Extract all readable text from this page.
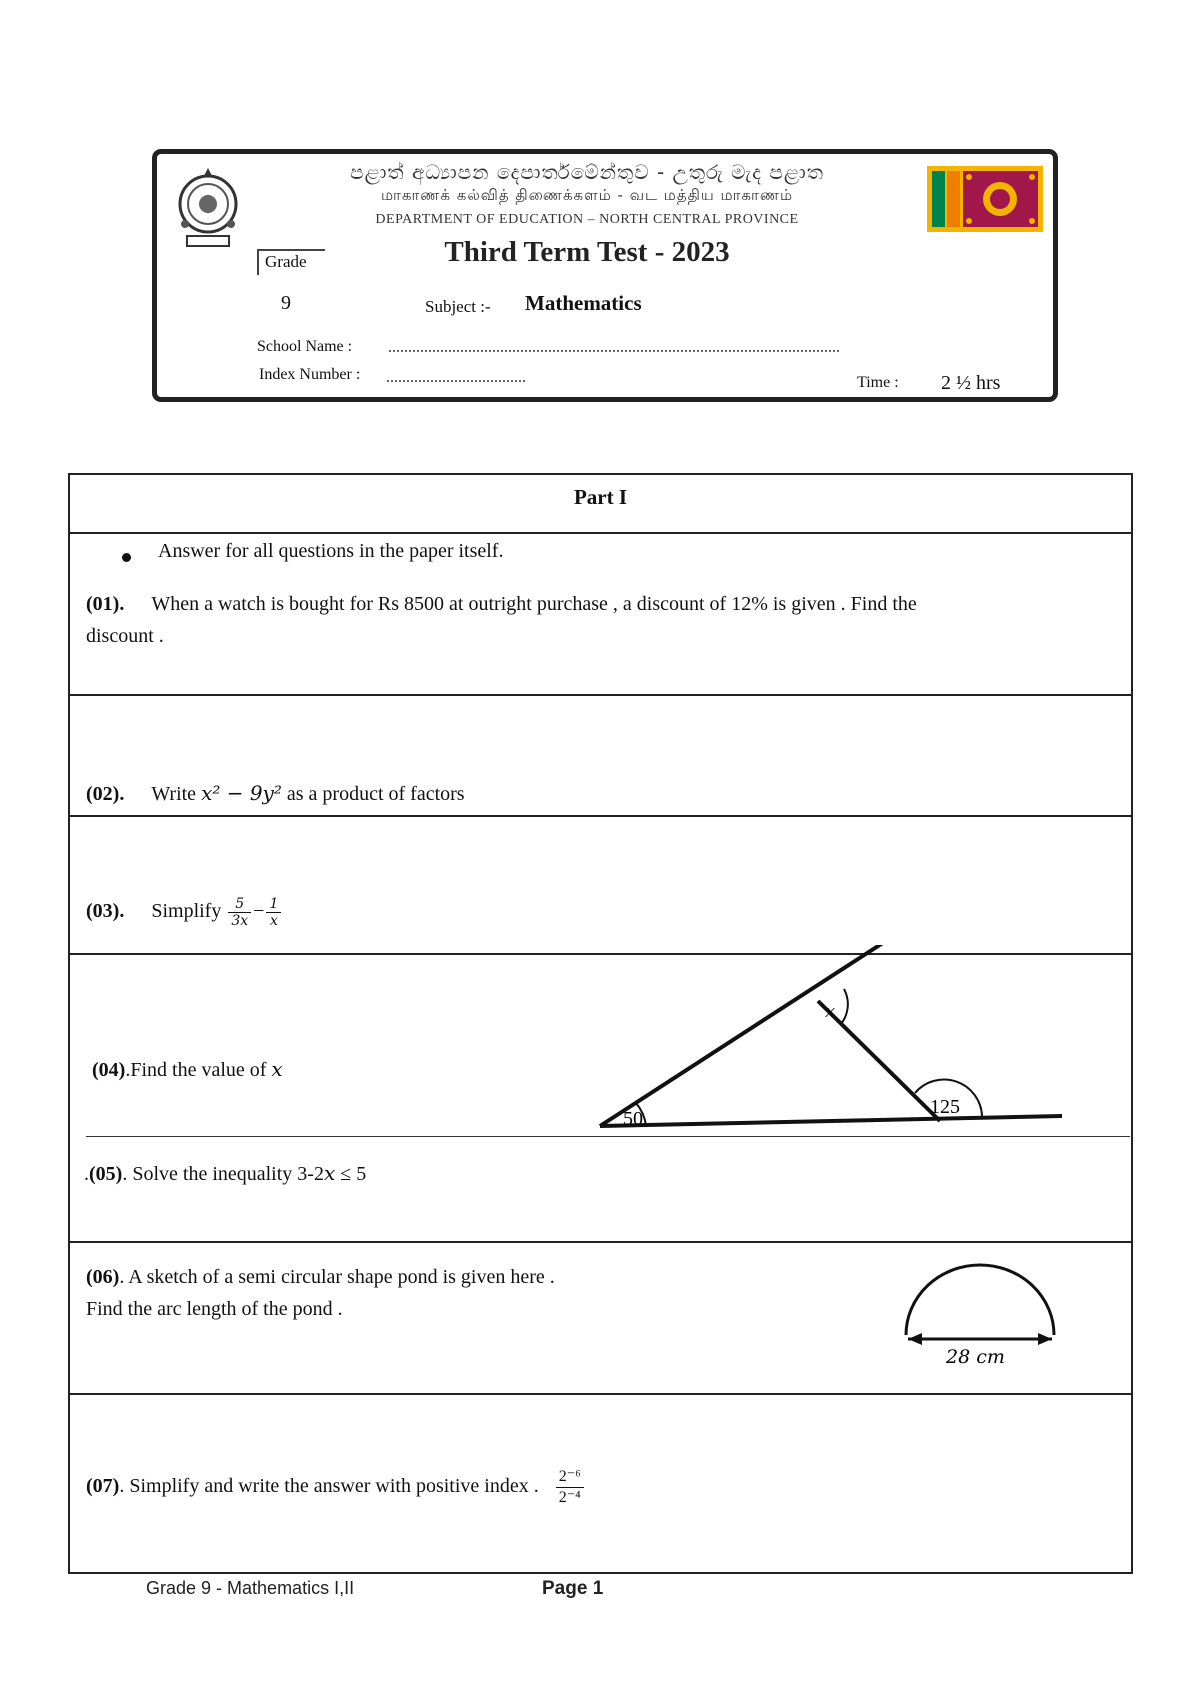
පළාත් අධ්‍යාපන දෙපාර්තමේන්තුව - උතුරු මැද පළාත
மாகாணக் கல்வித் திணைக்களம் - வட மத்திய மாகாணம்
DEPARTMENT OF EDUCATION – NORTH CENTRAL PROVINCE
Third Term Test - 2023
Grade
9	Subject :- Mathematics
School Name :
Index Number :	Time : 2 ½ hrs
Part I
Answer for all questions in the paper itself.
(01). When a watch is bought for Rs 8500 at outright purchase , a discount of 12% is given . Find the
discount .
(02). Write x² − 9y² as a product of factors
(03). Simplify $\frac{5}{3x} - \frac{1}{x}$
(04).Find the value of x
50
125
x
.(05). Solve the inequality 3-2x ≤ 5
(06). A sketch of a semi circular shape pond is given here .
Find the arc length of the pond .
28 cm
(07). Simplify and write the answer with positive index . $\frac{\text{2⁻⁶}}{\text{2⁻⁴}}$
Grade 9 - Mathematics I,II	Page 1
